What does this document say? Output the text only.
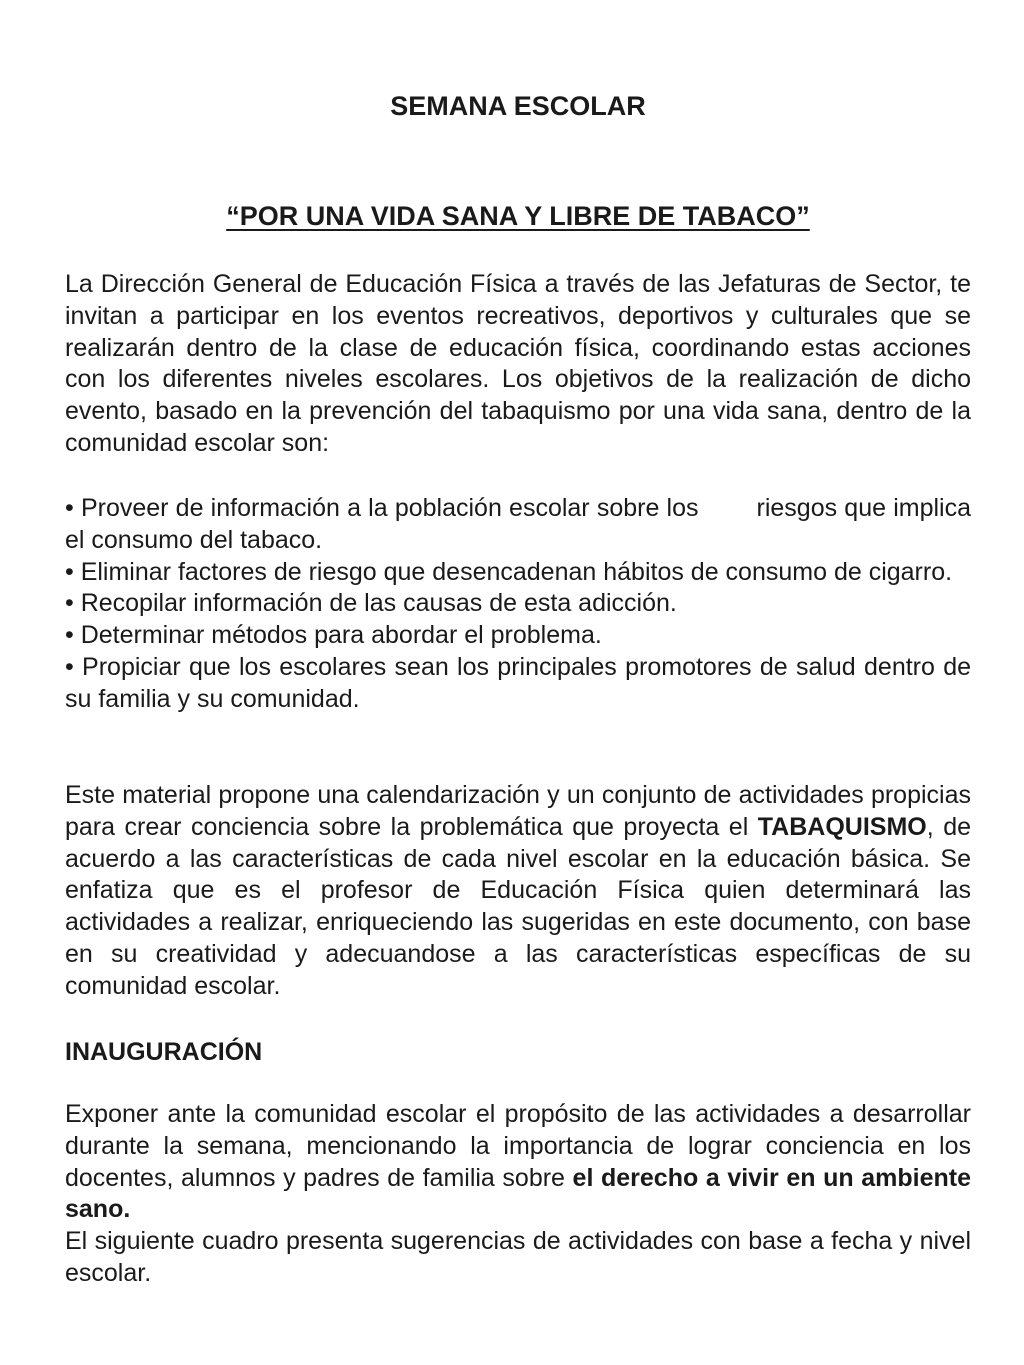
SEMANA ESCOLAR
“POR UNA VIDA SANA Y LIBRE DE TABACO”

La Dirección General de Educación Física a través de las Jefaturas de Sector, te invitan a participar en los eventos recreativos, deportivos y culturales que se realizarán dentro de la clase de educación física, coordinando estas acciones con los diferentes niveles escolares. Los objetivos de la realización de dicho evento, basado en la prevención del tabaquismo por una vida sana, dentro de la comunidad escolar son:

• Proveer de información a la población escolar sobre los riesgos que implica el consumo del tabaco.

• Eliminar factores de riesgo que desencadenan hábitos de consumo de cigarro.

• Recopilar información de las causas de esta adicción.

• Determinar métodos para abordar el problema.

• Propiciar que los escolares sean los principales promotores de salud dentro de su familia y su comunidad.

Este material propone una calendarización y un conjunto de actividades propicias para crear conciencia sobre la problemática que proyecta el TABAQUISMO, de acuerdo a las características de cada nivel escolar en la educación básica. Se enfatiza que es el profesor de Educación Física quien determinará las actividades a realizar, enriqueciendo las sugeridas en este documento, con base en su creatividad y adecuandose a las características específicas de su comunidad escolar.

INAUGURACIÓN

Exponer ante la comunidad escolar el propósito de las actividades a desarrollar durante la semana, mencionando la importancia de lograr conciencia en los docentes, alumnos y padres de familia sobre el derecho a vivir en un ambiente sano.

El siguiente cuadro presenta sugerencias de actividades con base a fecha y nivel escolar.
